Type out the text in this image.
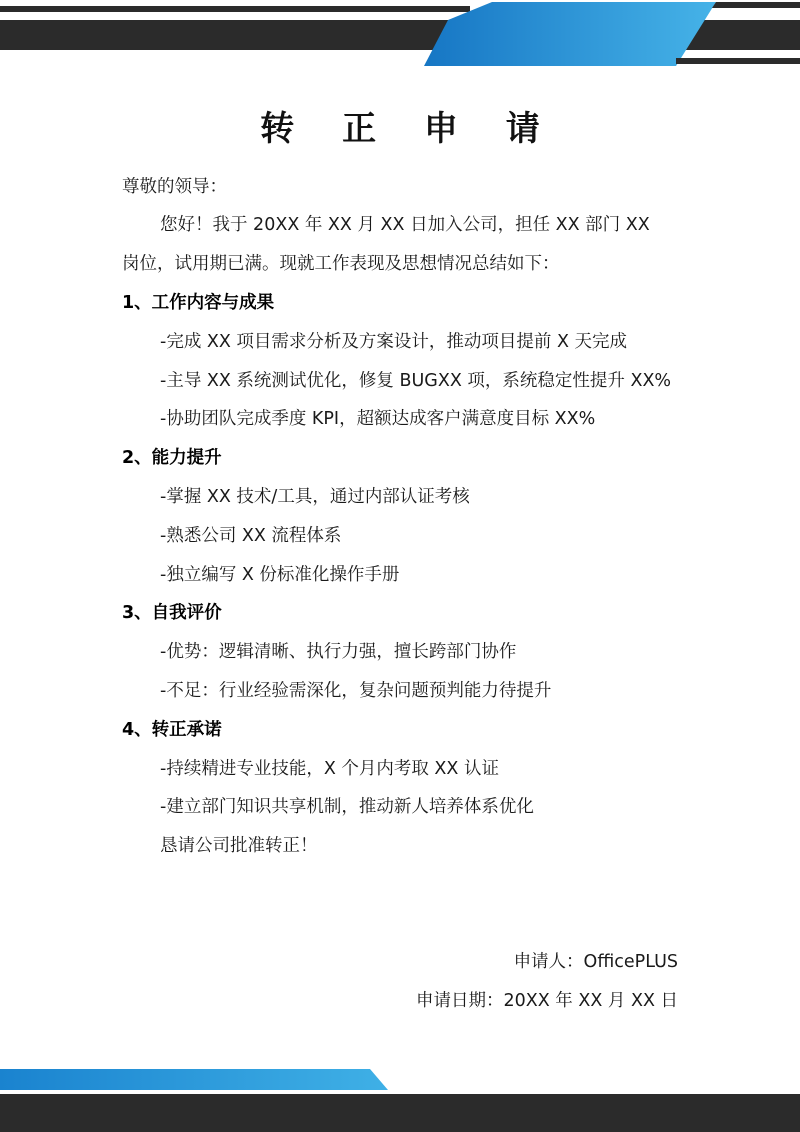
转 正 申 请
尊敬的领导：
您好！我于 20XX 年 XX 月 XX 日加入公司，担任 XX 部门 XX
岗位，试用期已满。现就工作表现及思想情况总结如下：
1、工作内容与成果
-完成 XX 项目需求分析及方案设计，推动项目提前 X 天完成
-主导 XX 系统测试优化，修复 BUGXX 项，系统稳定性提升 XX%
-协助团队完成季度 KPI，超额达成客户满意度目标 XX%
2、能力提升
-掌握 XX 技术/工具，通过内部认证考核
-熟悉公司 XX 流程体系
-独立编写 X 份标准化操作手册
3、自我评价
-优势：逻辑清晰、执行力强，擅长跨部门协作
-不足：行业经验需深化，复杂问题预判能力待提升
4、转正承诺
-持续精进专业技能，X 个月内考取 XX 认证
-建立部门知识共享机制，推动新人培养体系优化
恳请公司批准转正！
申请人：OfficePLUS
申请日期：20XX 年 XX 月 XX 日
